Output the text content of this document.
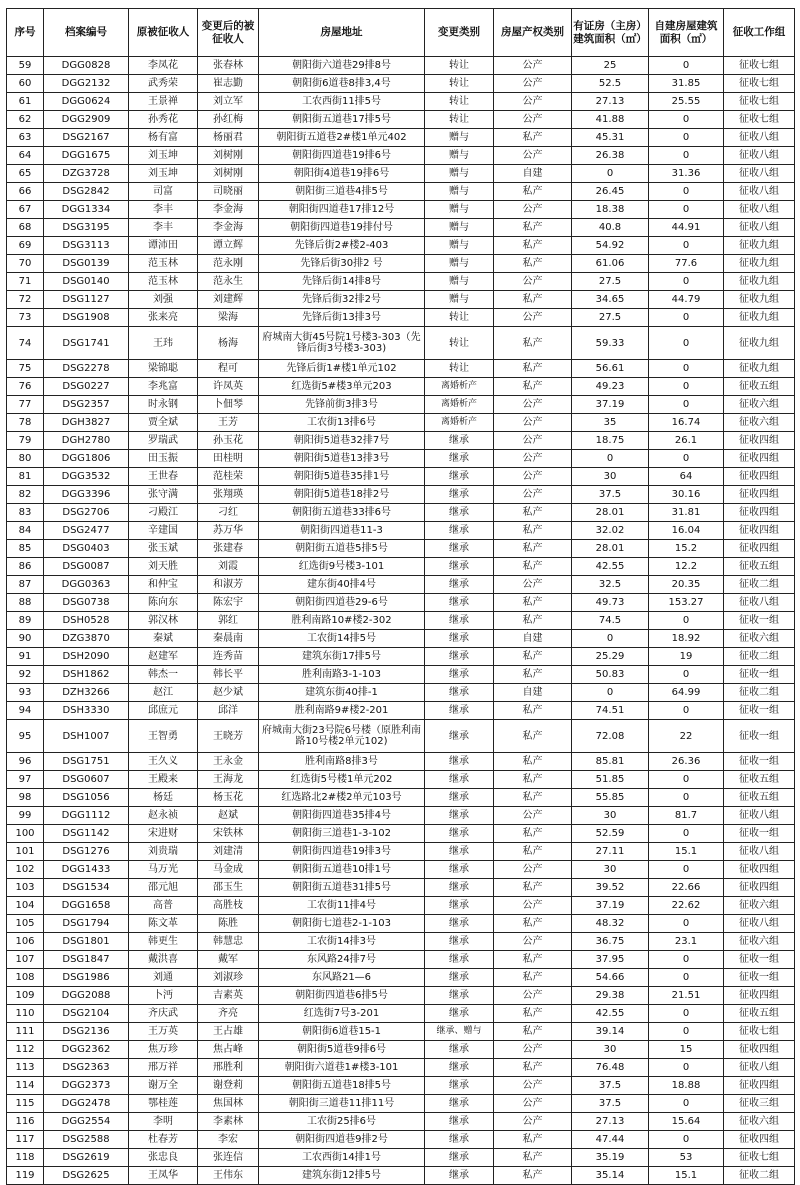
序号	档案编号	原被征收人	变更后的被征收人	房屋地址	变更类别	房屋产权类别	有证房（主房）建筑面积（㎡）	自建房屋建筑面积（㎡）	征收工作组
59	DGG0828	李凤花	张春林	朝阳街六道巷29排8号	转让	公产	25	0	征收七组
60	DGG2132	武秀荣	崔志勤	朝阳街6道巷8排3,4号	转让	公产	52.5	31.85	征收七组
61	DGG0624	王景禅	刘立军	工农西街11排5号	转让	公产	27.13	25.55	征收七组
62	DGG2909	孙秀花	孙红梅	朝阳街五道巷17排5号	转让	公产	41.88	0	征收七组
63	DSG2167	杨有富	杨丽君	朝阳街五道巷2#楼1单元402	赠与	私产	45.31	0	征收八组
64	DGG1675	刘玉坤	刘树刚	朝阳街四道巷19排6号	赠与	公产	26.38	0	征收八组
65	DZG3728	刘玉坤	刘树刚	朝阳街4道巷19排6号	赠与	自建	0	31.36	征收八组
66	DSG2842	司富	司晓丽	朝阳街三道巷4排5号	赠与	私产	26.45	0	征收八组
67	DGG1334	李丰	李金海	朝阳街四道巷17排12号	赠与	公产	18.38	0	征收八组
68	DSG3195	李丰	李金海	朝阳街四道巷19排付号	赠与	私产	40.8	44.91	征收八组
69	DSG3113	谭沛田	谭立辉	先锋后街2#楼2-403	赠与	私产	54.92	0	征收九组
70	DSG0139	范玉林	范永刚	先锋后街30排2 号	赠与	私产	61.06	77.6	征收九组
71	DSG0140	范玉林	范永生	先锋后街14排8号	赠与	公产	27.5	0	征收九组
72	DSG1127	刘强	刘建辉	先锋后街32排2号	赠与	私产	34.65	44.79	征收九组
73	DSG1908	张来亮	梁海	先锋后街13排3号	转让	公产	27.5	0	征收九组
74	DSG1741	王玮	杨海	府城南大街45号院1号楼3-303（先锋后街3号楼3-303)	转让	私产	59.33	0	征收九组
75	DSG2278	梁锦聪	程可	先锋后街1#楼1单元102	转让	私产	56.61	0	征收九组
76	DSG0227	李兆富	许凤英	红选街5#楼3单元203	离婚析产	私产	49.23	0	征收五组
77	DSG2357	时永钢	卜佃琴	先锋前街3排3号	离婚析产	公产	37.19	0	征收六组
78	DGH3827	贾全斌	王芳	工农街13排6号	离婚析产	公产	35	16.74	征收六组
79	DGH2780	罗瑞武	孙玉花	朝阳街5道巷32排7号	继承	公产	18.75	26.1	征收四组
80	DGG1806	田玉振	田桂明	朝阳街5道巷13排3号	继承	公产	0	0	征收四组
81	DGG3532	王世春	范桂荣	朝阳街5道巷35排1号	继承	公产	30	64	征收四组
82	DGG3396	张守满	张翔瑛	朝阳街5道巷18排2号	继承	公产	37.5	30.16	征收四组
83	DSG2706	刁殿江	刁红	朝阳街五道巷33排6号	继承	私产	28.01	31.81	征收四组
84	DSG2477	辛建国	苏万华	朝阳街四道巷11-3	继承	私产	32.02	16.04	征收四组
85	DSG0403	张玉斌	张建春	朝阳街五道巷5排5号	继承	私产	28.01	15.2	征收四组
86	DSG0087	刘天胜	刘霞	红选街9号楼3-101	继承	私产	42.55	12.2	征收五组
87	DGG0363	和仲宝	和淑芳	建东街40排4号	继承	公产	32.5	20.35	征收二组
88	DSG0738	陈向东	陈宏宇	朝阳街四道巷29-6号	继承	私产	49.73	153.27	征收八组
89	DSH0528	郭汉林	郭红	胜利南路10#楼2-302	继承	私产	74.5	0	征收一组
90	DZG3870	秦斌	秦晨南	工农街14排5号	继承	自建	0	18.92	征收六组
91	DSH2090	赵建军	连秀苗	建筑东街17排5号	继承	私产	25.29	19	征收二组
92	DSH1862	韩杰一	韩长平	胜利南路3-1-103	继承	私产	50.83	0	征收一组
93	DZH3266	赵江	赵少斌	建筑东街40排-1	继承	自建	0	64.99	征收二组
94	DSH3330	邱庶元	邱洋	胜利南路9#楼2-201	继承	私产	74.51	0	征收一组
95	DSH1007	王智勇	王晓芳	府城南大街23号院6号楼（原胜利南路10号楼2单元102)	继承	私产	72.08	22	征收一组
96	DSG1751	王久义	王永金	胜利南路8排3号	继承	私产	85.81	26.36	征收一组
97	DSG0607	王殿来	王海龙	红选街5号楼1单元202	继承	私产	51.85	0	征收五组
98	DSG1056	杨廷	杨玉花	红选路北2#楼2单元103号	继承	私产	55.85	0	征收五组
99	DGG1112	赵永祯	赵斌	朝阳街四道巷35排4号	继承	公产	30	81.7	征收八组
100	DSG1142	宋进财	宋铁林	朝阳街三道巷1-3-102	继承	私产	52.59	0	征收一组
101	DSG1276	刘贵瑞	刘建清	朝阳街四道巷19排3号	继承	私产	27.11	15.1	征收八组
102	DGG1433	马万光	马金成	朝阳街五道巷10排1号	继承	公产	30	0	征收四组
103	DSG1534	邵元旭	邵玉生	朝阳街五道巷31排5号	继承	私产	39.52	22.66	征收四组
104	DGG1658	高普	高胜枝	工农街11排4号	继承	公产	37.19	22.62	征收六组
105	DSG1794	陈文革	陈胜	朝阳街七道巷2-1-103	继承	私产	48.32	0	征收八组
106	DSG1801	韩更生	韩慧忠	工农街14排3号	继承	公产	36.75	23.1	征收六组
107	DSG1847	戴洪喜	戴军	东风路24排7号	继承	私产	37.95	0	征收一组
108	DSG1986	刘通	刘淑珍	东风路21—6	继承	私产	54.66	0	征收一组
109	DGG2088	卜沔	吉素英	朝阳街四道巷6排5号	继承	公产	29.38	21.51	征收四组
110	DSG2104	齐庆武	齐亮	红选街7号3-201	继承	私产	42.55	0	征收五组
111	DSG2136	王万英	王占雄	朝阳街6道巷15-1	继承、赠与	私产	39.14	0	征收七组
112	DGG2362	焦万珍	焦占峰	朝阳街5道巷9排6号	继承	公产	30	15	征收四组
113	DSG2363	邢万祥	邢胜利	朝阳街六道巷1#楼3-101	继承	私产	76.48	0	征收八组
114	DGG2373	谢万全	谢登莉	朝阳街五道巷18排5号	继承	公产	37.5	18.88	征收四组
115	DGG2478	鄂桂莲	焦国林	朝阳街三道巷11排11号	继承	公产	37.5	0	征收三组
116	DGG2554	李明	李素林	工农街25排6号	继承	公产	27.13	15.64	征收六组
117	DSG2588	杜春芳	李宏	朝阳街四道巷9排2号	继承	私产	47.44	0	征收四组
118	DSG2619	张忠良	张连信	工农西街14排1号	继承	私产	35.19	53	征收七组
119	DSG2625	王凤华	王伟东	建筑东街12排5号	继承	私产	35.14	15.1	征收二组
